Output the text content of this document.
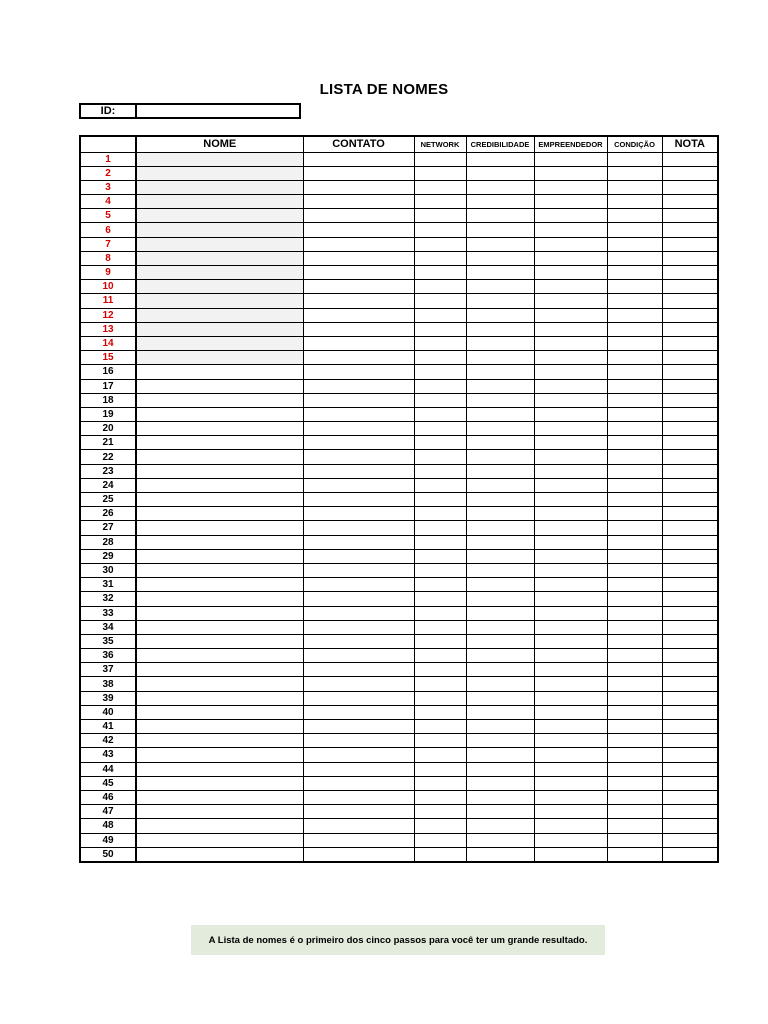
LISTA DE NOMES
ID:
	NOME	CONTATO	NETWORK	CREDIBILIDADE	EMPREENDEDOR	CONDIÇÃO	NOTA
1							
2							
3							
4							
5							
6							
7							
8							
9							
10							
11							
12							
13							
14							
15							
16							
17							
18							
19							
20							
21							
22							
23							
24							
25							
26							
27							
28							
29							
30							
31							
32							
33							
34							
35							
36							
37							
38							
39							
40							
41							
42							
43							
44							
45							
46							
47							
48							
49							
50							
A Lista de nomes é o primeiro dos cinco passos para você ter um grande resultado.
